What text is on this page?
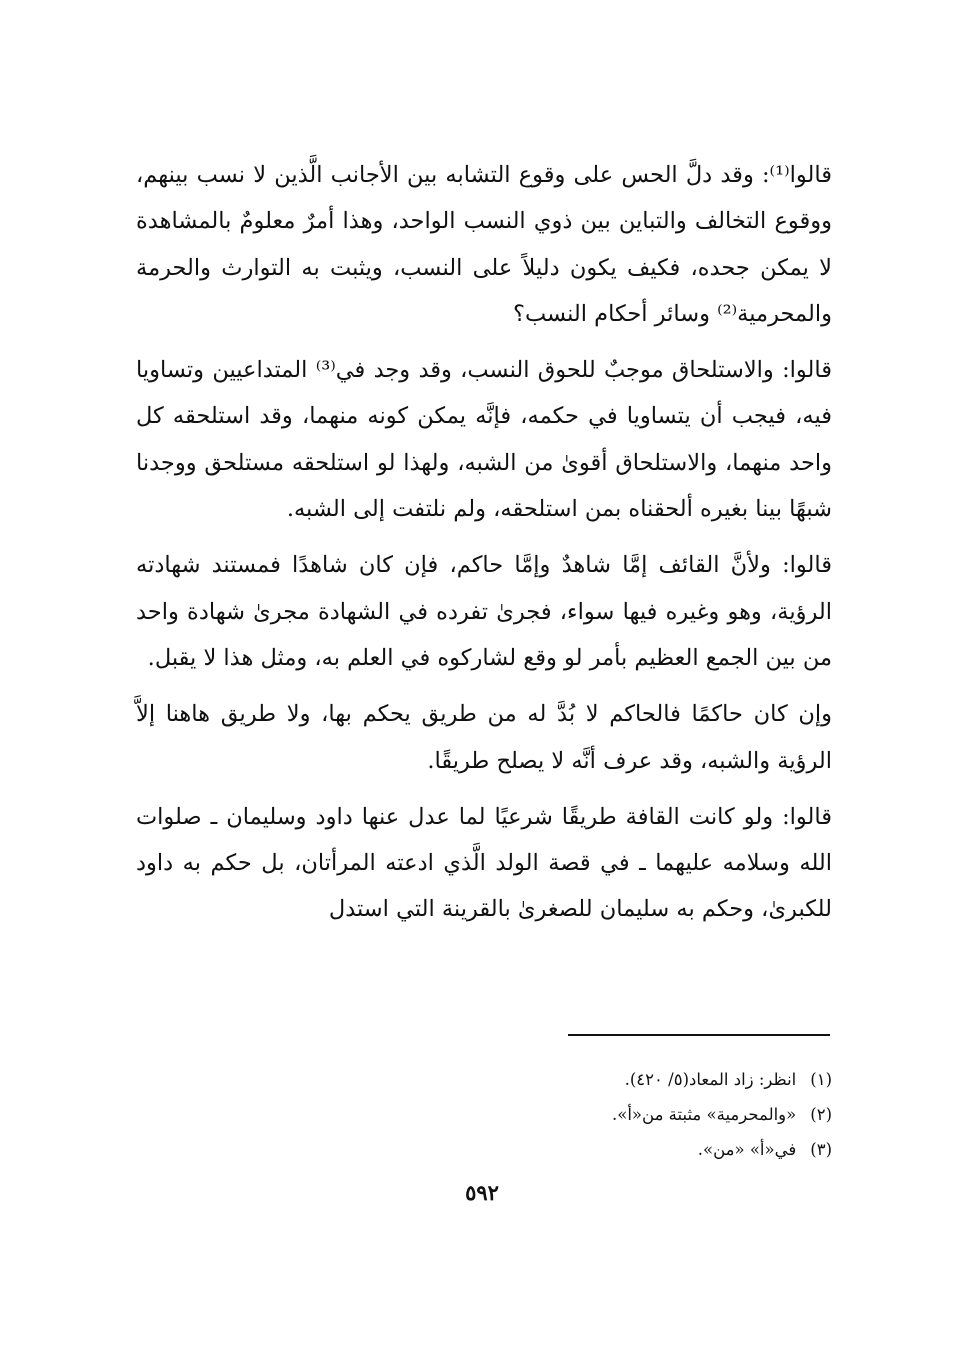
قالوا⁽¹⁾: وقد دلَّ الحس على وقوع التشابه بين الأجانب الَّذين لا نسب بينهم، ووقوع التخالف والتباين بين ذوي النسب الواحد، وهذا أمرٌ معلومٌ بالمشاهدة لا يمكن جحده، فكيف يكون دليلاً على النسب، ويثبت به التوارث والحرمة والمحرمية⁽²⁾ وسائر أحكام النسب؟

قالوا: والاستلحاق موجبٌ للحوق النسب، وقد وجد في⁽³⁾ المتداعيين وتساويا فيه، فيجب أن يتساويا في حكمه، فإنَّه يمكن كونه منهما، وقد استلحقه كل واحد منهما، والاستلحاق أقوىٰ من الشبه، ولهذا لو استلحقه مستلحق ووجدنا شبهًا بينا بغيره ألحقناه بمن استلحقه، ولم نلتفت إلى الشبه.

قالوا: ولأنَّ القائف إمَّا شاهدٌ وإمَّا حاكم، فإن كان شاهدًا فمستند شهادته الرؤية، وهو وغيره فيها سواء، فجرىٰ تفرده في الشهادة مجرىٰ شهادة واحد من بين الجمع العظيم بأمر لو وقع لشاركوه في العلم به، ومثل هذا لا يقبل.

وإن كان حاكمًا فالحاكم لا بُدَّ له من طريق يحكم بها، ولا طريق هاهنا إلاَّ الرؤية والشبه، وقد عرف أنَّه لا يصلح طريقًا.

قالوا: ولو كانت القافة طريقًا شرعيًا لما عدل عنها داود وسليمان ـ صلوات الله وسلامه عليهما ـ في قصة الولد الَّذي ادعته المرأتان، بل حكم به داود للكبرىٰ، وحكم به سليمان للصغرىٰ بالقرينة التي استدل

(١)انظر: زاد المعاد(٥/ ٤٢٠).
(٢)«والمحرمية» مثبتة من«أ».
(٣)في«أ» «من».
٥٩٢
